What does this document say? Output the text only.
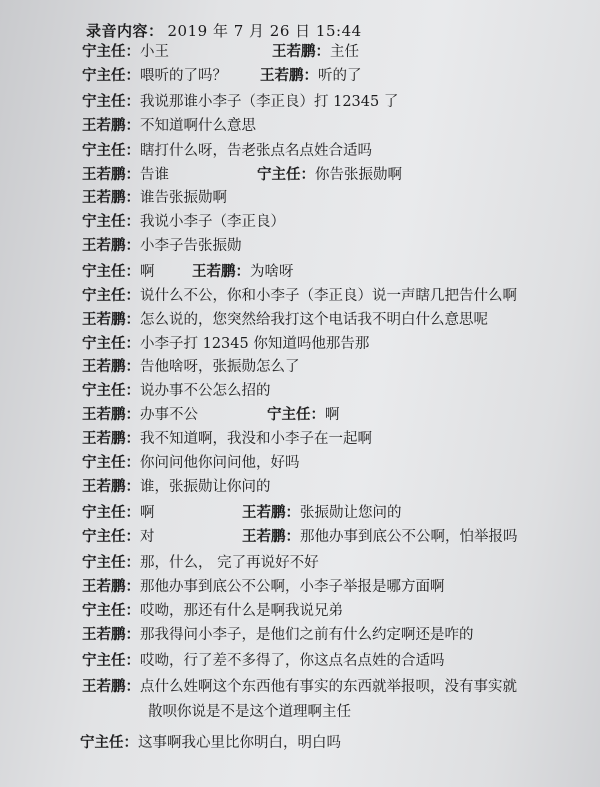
录音内容： 2019 年 7 月 26 日 15:44
宁主任：小王	王若鹏：主任
宁主任：喂听的了吗？ 王若鹏：听的了
宁主任：我说那谁小李子（李正良）打 12345 了
王若鹏：不知道啊什么意思
宁主任：瞎打什么呀，告老张点名点姓合适吗
王若鹏：告谁	宁主任：你告张振勋啊
王若鹏：谁告张振勋啊
宁主任：我说小李子（李正良）
王若鹏：小李子告张振勋
宁主任：啊	王若鹏：为啥呀
宁主任：说什么不公，你和小李子（李正良）说一声瞎几把告什么啊
王若鹏：怎么说的，您突然给我打这个电话我不明白什么意思呢
宁主任：小李子打 12345 你知道吗他那告那
王若鹏：告他啥呀，张振勋怎么了
宁主任：说办事不公怎么招的
王若鹏：办事不公	宁主任：啊
王若鹏：我不知道啊，我没和小李子在一起啊
宁主任：你问问他你问问他，好吗
王若鹏：谁，张振勋让你问的
宁主任：啊	王若鹏：张振勋让您问的
宁主任：对	王若鹏：那他办事到底公不公啊，怕举报吗
宁主任：那，什么， 完了再说好不好
王若鹏：那他办事到底公不公啊，小李子举报是哪方面啊
宁主任：哎呦，那还有什么是啊我说兄弟
王若鹏：那我得问小李子，是他们之前有什么约定啊还是咋的
宁主任：哎呦，行了差不多得了，你这点名点姓的合适吗
王若鹏：点什么姓啊这个东西他有事实的东西就举报呗，没有事实就
散呗你说是不是这个道理啊主任
宁主任：这事啊我心里比你明白，明白吗
